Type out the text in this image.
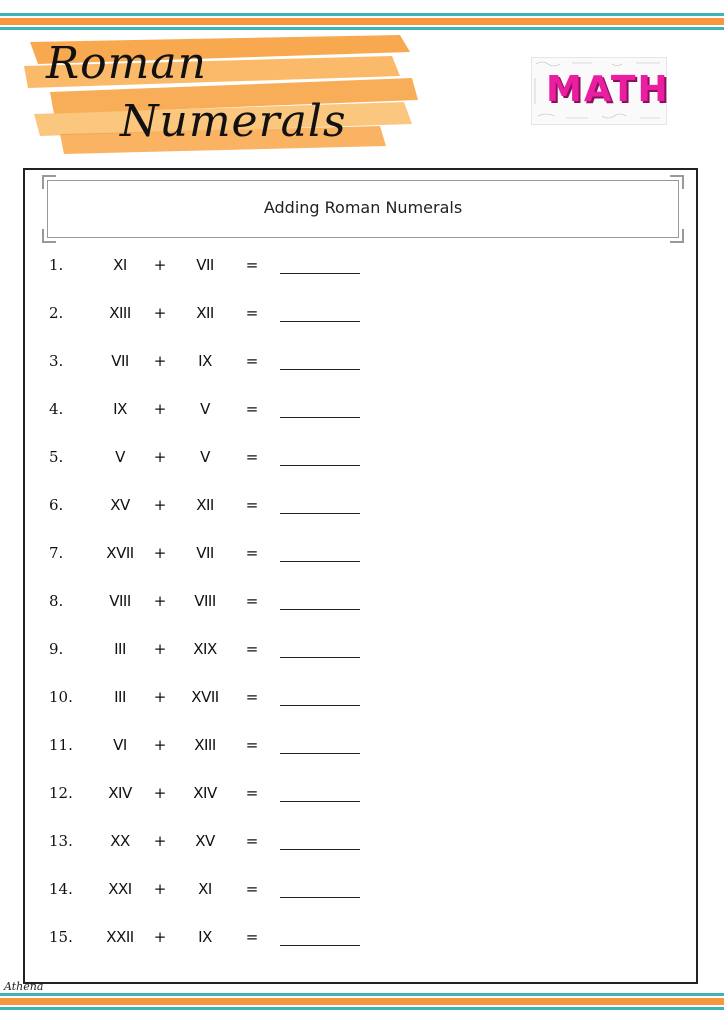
Roman
Numerals
MATH
Adding Roman Numerals
1.	XI	+	VII	=
2.	XIII	+	XII	=
3.	VII	+	IX	=
4.	IX	+	V	=
5.	V	+	V	=
6.	XV	+	XII	=
7.	XVII	+	VII	=
8.	VIII	+	VIII	=
9.	III	+	XIX	=
10.	III	+	XVII	=
11.	VI	+	XIII	=
12.	XIV	+	XIV	=
13.	XX	+	XV	=
14.	XXI	+	XI	=
15.	XXII	+	IX	=
Athena
